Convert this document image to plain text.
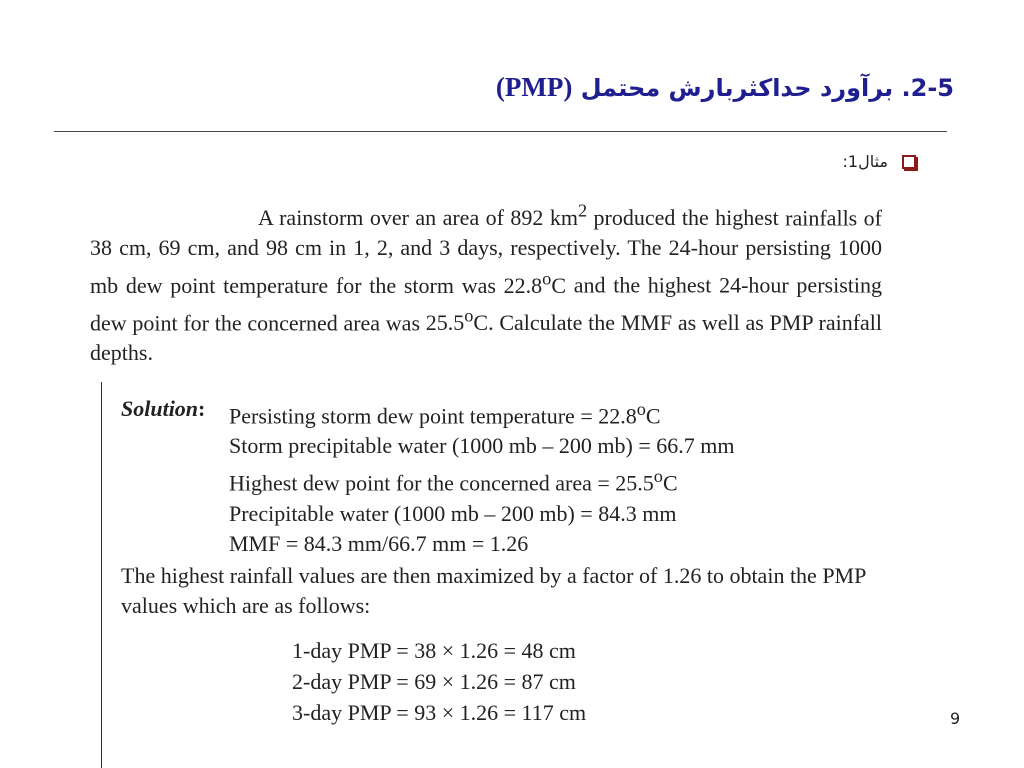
2-5. برآورد حداکثربارش محتمل (PMP)
مثال1:
A rainstorm over an area of 892 $km^2$ produced the highest rainfalls of 38 cm, 69 cm, and 98 cm in 1, 2, and 3 days, respectively. The 24-hour persisting 1000 mb dew point temperature for the storm was 22.8$^o$C and the highest 24-hour persisting dew point for the concerned area was 25.5$^o$C. Calculate the MMF as well as PMP rainfall depths.
Solution:	Persisting storm dew point temperature = $22.8^oC$
Storm precipitable water (1000 mb – 200 mb) = 66.7 mm
Highest dew point for the concerned area = $25.5^oC$
Precipitable water (1000 mb – 200 mb) = 84.3 mm
MMF = 84.3 mm/66.7 mm = 1.26
The highest rainfall values are then maximized by a factor of 1.26 to obtain the PMP values which are as follows:
1-day PMP = 38 × 1.26 = 48 cm
2-day PMP = 69 × 1.26 = 87 cm
3-day PMP = 93 × 1.26 = 117 cm	9
